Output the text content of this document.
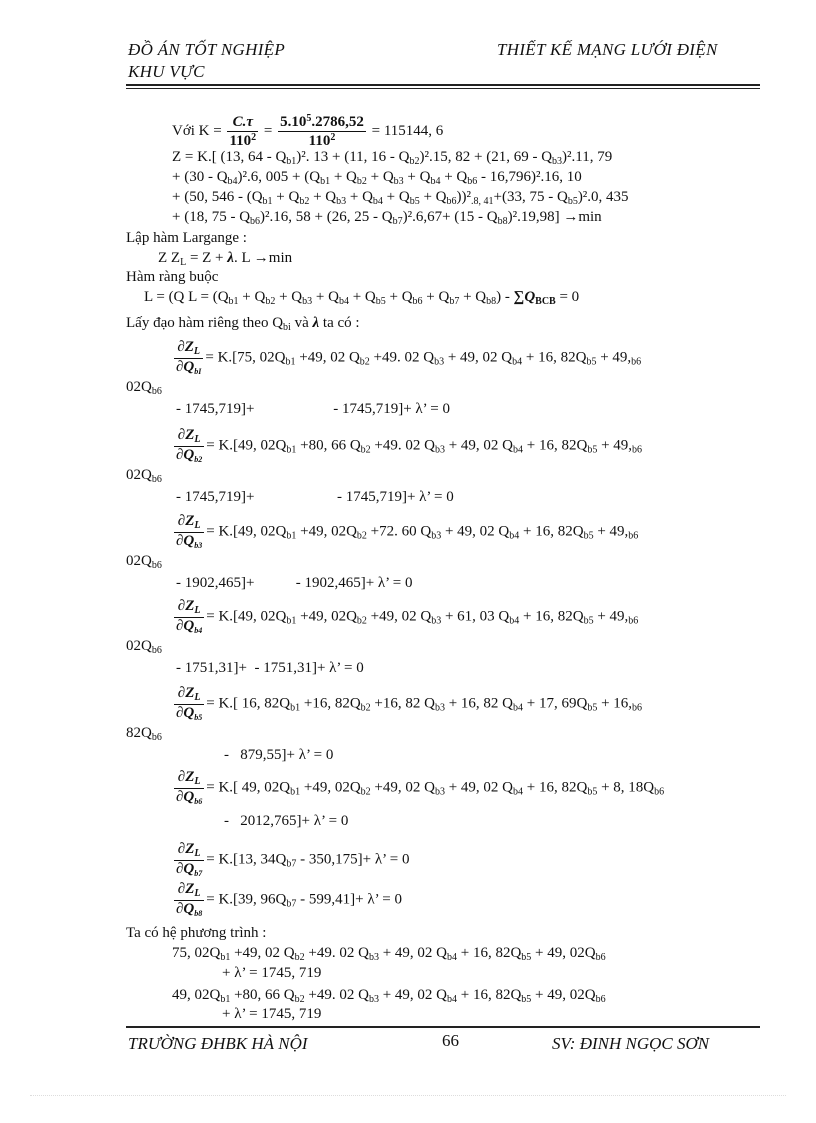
ĐỒ ÁN TỐT NGHIỆP
KHU VỰC
THIẾT KẾ MẠNG LƯỚI ĐIỆN
Với $K = \frac{C.\tau}{110^2} = \frac{5.10^5.2786,52}{110^2} = 115144$, 6
Z = K.[ (13, $64 - Q_{b1})^2$. 13 + (11, $16 - Q_{b2})^2.15$, 82 + (21, $69 - Q_{b3})^2.11$, 79
+ $(30 - Q_{b4})^2.6$, $005 + (Q_{b1} + Q_{b2} + Q_{b3} + Q_{b4} + Q_{b6} - 16,796)^2.16$, 10
+ (50, $546 - (Q_{b1} + Q_{b2} + Q_{b3} + Q_{b4} + Q_{b5} + Q_{b6}))^2_{.8, 41}+(33$, $75 - Q_{b5})^2.0$, 435
+ (18, $75 - Q_{b6})^2.16$, 58 + (26, $25 - Q_{b7})^2.6,67+ (15 - Q_{b8})^2.19,98] \to\min$
Lập hàm Largange :
Z $Z_L = Z + \lambda$. L →min
Hàm ràng buộc
L = (Q $L = (Q_{b1} + Q_{b2} + Q_{b3} + Q_{b4} + Q_{b5} + Q_{b6} + Q_{b7} + Q_{b8}) - \sum Q_{BCB} = 0$
Lấy đạo hàm riêng theo $Q_{bi}$ và λ ta có :
$\frac{\partial Z_L}{\partial Q_{bI}} = K.[75$, $02Q_{b1} +49$, 02 $Q_{b2} +49$. 02 $Q_{b3} + 49$, 02 $Q_{b4} + 16$, $82Q_{b5} + 49,_{b6}$
$02Q_{b6}$
- 1745,719]+                     - 1745,719]+ λ’ = 0
$\frac{\partial Z_L}{\partial Q_{b2}} = K.[49$, $02Q_{b1} +80$, 66 $Q_{b2} +49$. 02 $Q_{b3} + 49$, 02 $Q_{b4} + 16$, $82Q_{b5} + 49,_{b6}$
$02Q_{b6}$
- 1745,719]+                      - 1745,719]+ λ’ = 0
$\frac{\partial Z_L}{\partial Q_{b3}} = K.[49$, $02Q_{b1} +49$, $02Q_{b2} +72$. 60 $Q_{b3} + 49$, 02 $Q_{b4} + 16$, $82Q_{b5} + 49,_{b6}$
$02Q_{b6}$
- 1902,465]+           - 1902,465]+ λ’ = 0
$\frac{\partial Z_L}{\partial Q_{b4}} = K.[49$, $02Q_{b1} +49$, $02Q_{b2} +49$, 02 $Q_{b3} + 61$, 03 $Q_{b4} + 16$, $82Q_{b5} + 49,_{b6}$
$02Q_{b6}$
- 1751,31]+  - 1751,31]+ λ’ = 0
$\frac{\partial Z_L}{\partial Q_{b5}} = K$.[ 16, $82Q_{b1} +16$, $82Q_{b2} +16$, 82 $Q_{b3} + 16$, 82 $Q_{b4} + 17$, $69Q_{b5} + 16,_{b6}$
$82Q_{b6}$
-   879,55]+ λ’ = 0
$\frac{\partial Z_L}{\partial Q_{b6}} = K$.[ 49, $02Q_{b1} +49$, $02Q_{b2} +49$, 02 $Q_{b3} + 49$, 02 $Q_{b4} + 16$, $82Q_{b5} + 8$, $18Q_{b6}$
-   2012,765]+ λ’ = 0
$\frac{\partial Z_L}{\partial Q_{b7}} = K.[13$, $34Q_{b7} - 350,175]+ \lambda$’ = 0
$\frac{\partial Z_L}{\partial Q_{b8}} = K.[39$, $96Q_{b7} - 599,41]+ \lambda$’ = 0
Ta có hệ phương trình :
75, $02Q_{b1} +49$, 02 $Q_{b2} +49$. 02 $Q_{b3} + 49$, 02 $Q_{b4} + 16$, $82Q_{b5} + 49$, $02Q_{b6}$
+ λ’ = 1745, 719
49, $02Q_{b1} +80$, 66 $Q_{b2} +49$. 02 $Q_{b3} + 49$, 02 $Q_{b4} + 16$, $82Q_{b5} + 49$, $02Q_{b6}$
+ λ’ = 1745, 719
TRƯỜNG ĐHBK HÀ NỘI	66	SV: ĐINH NGỌC SƠN
